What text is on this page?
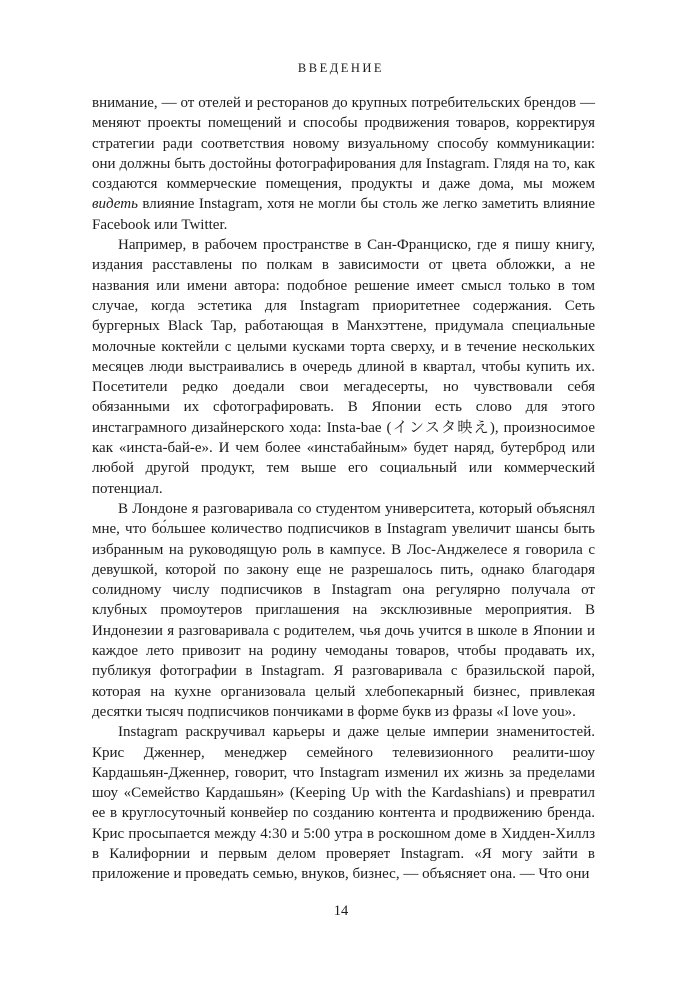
ВВЕДЕНИЕ

внимание, — от отелей и ресторанов до крупных потребительских брендов — меняют проекты помещений и способы продвижения товаров, корректируя стратегии ради соответствия новому визуальному способу коммуникации: они должны быть достойны фотографирования для Instagram. Глядя на то, как создаются коммерческие помещения, продукты и даже дома, мы можем видеть влияние Instagram, хотя не могли бы столь же легко заметить влияние Facebook или Twitter.

Например, в рабочем пространстве в Сан-Франциско, где я пишу книгу, издания расставлены по полкам в зависимости от цвета обложки, а не названия или имени автора: подобное решение имеет смысл только в том случае, когда эстетика для Instagram приоритетнее содержания. Сеть бургерных Black Tap, работающая в Манхэттене, придумала специальные молочные коктейли с целыми кусками торта сверху, и в течение нескольких месяцев люди выстраивались в очередь длиной в квартал, чтобы купить их. Посетители редко доедали свои мегадесерты, но чувствовали себя обязанными их сфотографировать. В Японии есть слово для этого инстаграмного дизайнерского хода: Insta-bae (インスタ映え), произносимое как «инста-бай-е». И чем более «инстабайным» будет наряд, бутерброд или любой другой продукт, тем выше его социальный или коммерческий потенциал.

В Лондоне я разговаривала со студентом университета, который объяснял мне, что бо́льшее количество подписчиков в Instagram увеличит шансы быть избранным на руководящую роль в кампусе. В Лос-Анджелесе я говорила с девушкой, которой по закону еще не разрешалось пить, однако благодаря солидному числу подписчиков в Instagram она регулярно получала от клубных промоутеров приглашения на эксклюзивные мероприятия. В Индонезии я разговаривала с родителем, чья дочь учится в школе в Японии и каждое лето привозит на родину чемоданы товаров, чтобы продавать их, публикуя фотографии в Instagram. Я разговаривала с бразильской парой, которая на кухне организовала целый хлебопекарный бизнес, привлекая десятки тысяч подписчиков пончиками в форме букв из фразы «I love you».

Instagram раскручивал карьеры и даже целые империи знаменитостей. Крис Дженнер, менеджер семейного телевизионного реалити-шоу Кардашьян-Дженнер, говорит, что Instagram изменил их жизнь за пределами шоу «Семейство Кардашьян» (Keeping Up with the Kardashians) и превратил ее в круглосуточный конвейер по созданию контента и продвижению бренда. Крис просыпается между 4:30 и 5:00 утра в роскошном доме в Хидден-Хиллз в Калифорнии и первым делом проверяет Instagram. «Я могу зайти в приложение и проведать семью, внуков, бизнес, — объясняет она. — Что они

14
